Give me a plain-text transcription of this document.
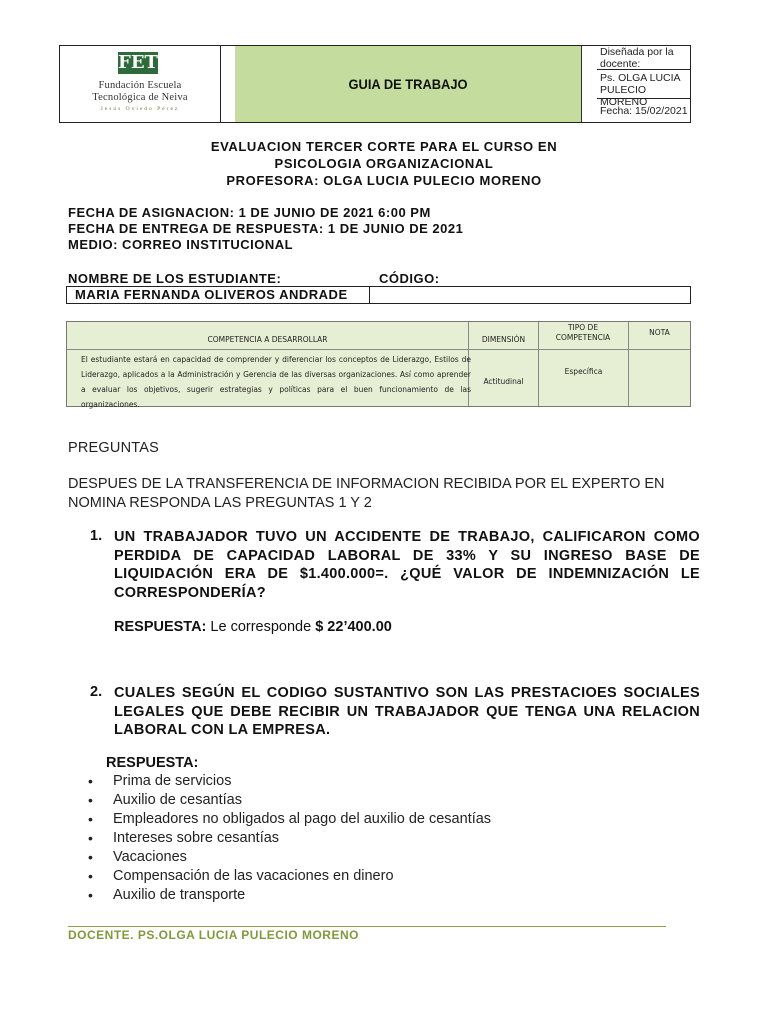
FET
Fundación Escuela
Tecnológica de Neiva
Jesús Oviedo Pérez
GUIA DE TRABAJO
Diseñada por la docente:
Ps. OLGA LUCIA PULECIO MORENO
Fecha: 15/02/2021
EVALUACION TERCER CORTE PARA EL CURSO EN
PSICOLOGIA ORGANIZACIONAL
PROFESORA: OLGA LUCIA PULECIO MORENO
FECHA DE ASIGNACION: 1 DE JUNIO DE 2021 6:00 PM
FECHA DE ENTREGA DE RESPUESTA: 1 DE JUNIO DE 2021
MEDIO: CORREO INSTITUCIONAL
NOMBRE DE LOS ESTUDIANTE:	CÓDIGO:
MARIA FERNANDA OLIVEROS ANDRADE
COMPETENCIA A DESARROLLAR	DIMENSIÓN
TIPO DE COMPETENCIA
NOTA
El estudiante estará en capacidad de comprender y diferenciar los conceptos de Liderazgo, Estilos de Liderazgo, aplicados a la Administración y Gerencia de las diversas organizaciones. Así como aprender a evaluar los objetivos, sugerir estrategias y políticas para el buen funcionamiento de las organizaciones.
Actitudinal
Específica
PREGUNTAS
DESPUES DE LA TRANSFERENCIA DE INFORMACION RECIBIDA POR EL EXPERTO EN NOMINA RESPONDA LAS PREGUNTAS 1 Y 2
1. UN TRABAJADOR TUVO UN ACCIDENTE DE TRABAJO, CALIFICARON COMO PERDIDA DE CAPACIDAD LABORAL DE 33% Y SU INGRESO BASE DE LIQUIDACIÓN ERA DE $1.400.000=. ¿QUÉ VALOR DE INDEMNIZACIÓN LE CORRESPONDERÍA?
RESPUESTA: Le corresponde $ 22’400.00
2. CUALES SEGÚN EL CODIGO SUSTANTIVO SON LAS PRESTACIOES SOCIALES LEGALES QUE DEBE RECIBIR UN TRABAJADOR QUE TENGA UNA RELACION LABORAL CON LA EMPRESA.
RESPUESTA:
• Prima de servicios
• Auxilio de cesantías
• Empleadores no obligados al pago del auxilio de cesantías
• Intereses sobre cesantías
• Vacaciones
• Compensación de las vacaciones en dinero
• Auxilio de transporte
DOCENTE. PS.OLGA LUCIA PULECIO MORENO
